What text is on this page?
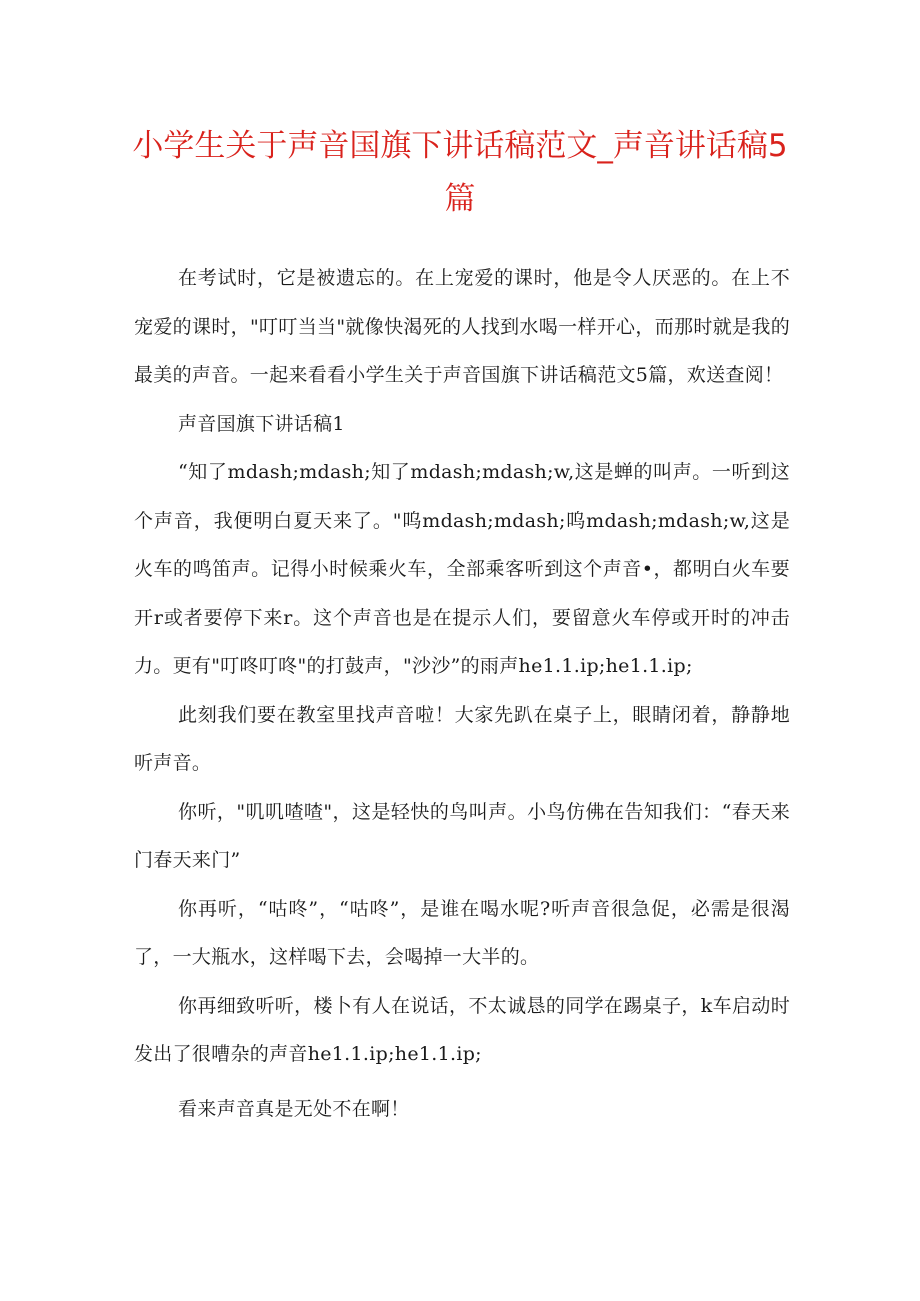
小学生关于声音国旗下讲话稿范文_声音讲话稿5篇

在考试时，它是被遗忘的。在上宠爱的课时，他是令人厌恶的。在上不宠爱的课时，"叮叮当当"就像快渴死的人找到水喝一样开心，而那时就是我的最美的声音。一起来看看小学生关于声音国旗下讲话稿范文5篇，欢送查阅！

声音国旗下讲话稿1

“知了mdash;mdash;知了mdash;mdash;w,这是蝉的叫声。一听到这个声音，我便明白夏天来了。"呜mdash;mdash;呜mdash;mdash;w,这是火车的鸣笛声。记得小时候乘火车，全部乘客听到这个声音•，都明白火车要开r或者要停下来r。这个声音也是在提示人们，要留意火车停或开时的冲击力。更有"叮咚叮咚"的打鼓声，"沙沙”的雨声he1.1.ip;he1.1.ip;

此刻我们要在教室里找声音啦！大家先趴在桌子上，眼睛闭着，静静地听声音。

你听，"叽叽喳喳"，这是轻快的鸟叫声。小鸟仿佛在告知我们：“春天来门春天来门”

你再听，“咕咚”，“咕咚”，是谁在喝水呢?听声音很急促，必需是很渴了，一大瓶水，这样喝下去，会喝掉一大半的。

你再细致听听，楼卜有人在说话，不太诚恳的同学在踢桌子，k车启动时发出了很嘈杂的声音he1.1.ip;he1.1.ip;

看来声音真是无处不在啊！
